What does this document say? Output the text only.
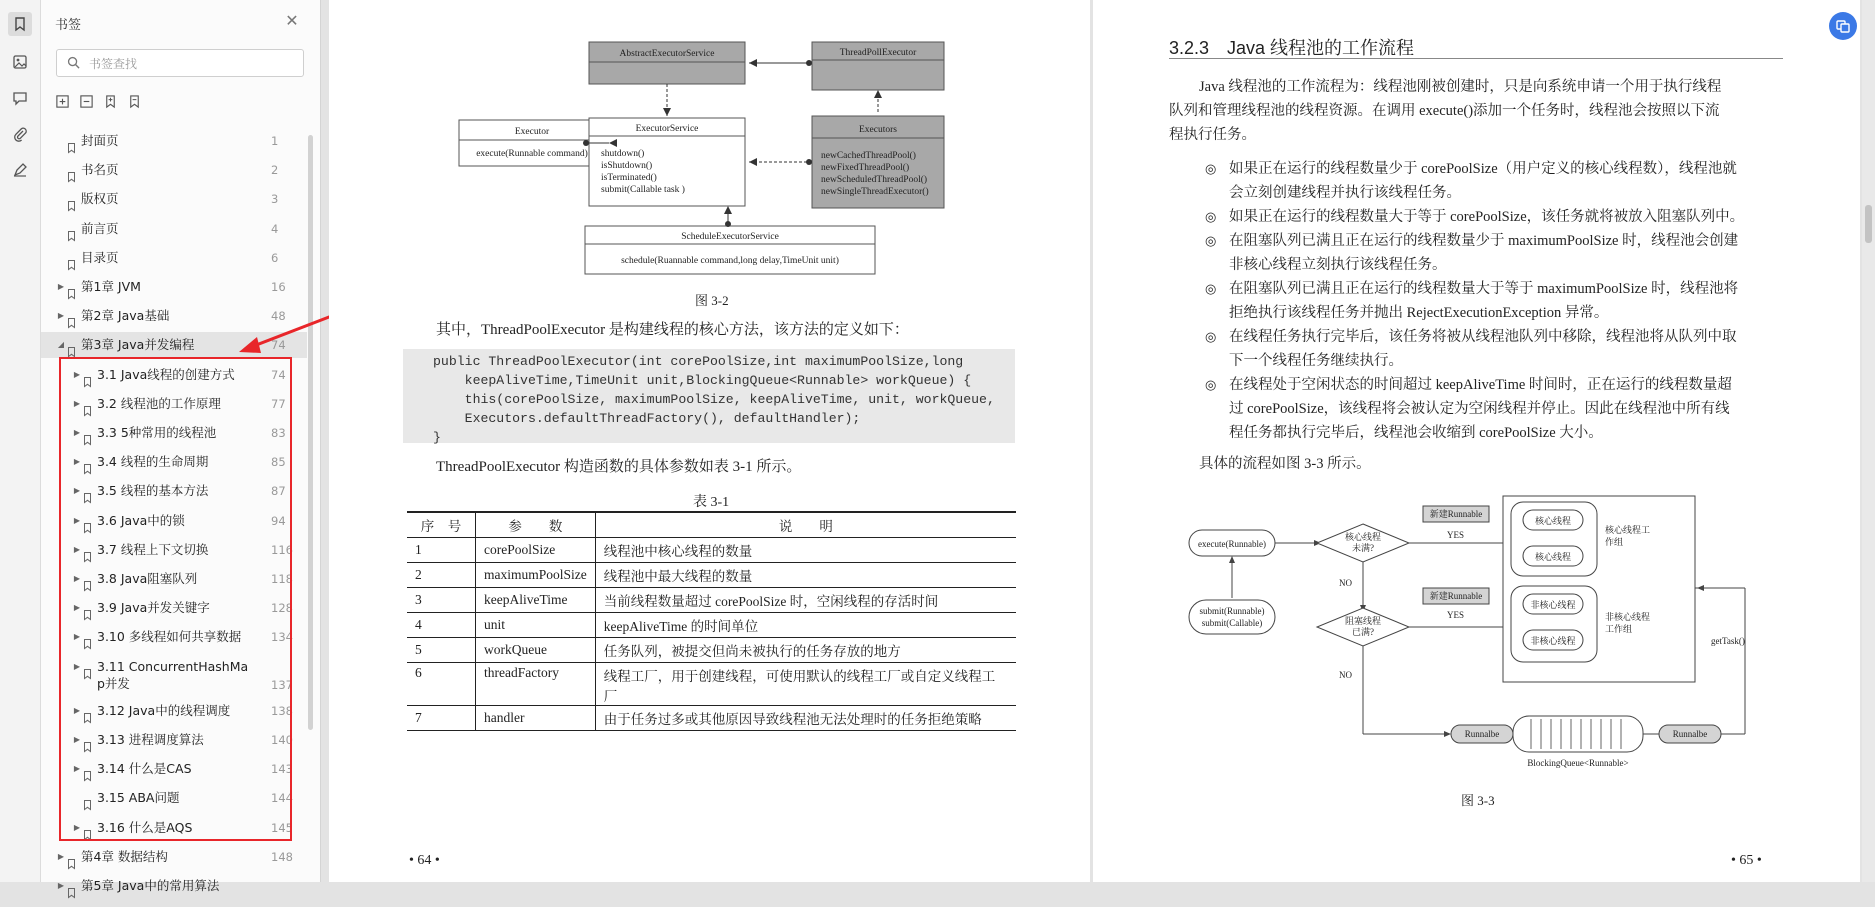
书签	✕
书签查找
封面页	1
书名页	2
版权页	3
前言页	4
目录页	6
▶ 第1章 JVM	16
▶ 第2章 Java基础	48
◢ 第3章 Java并发编程	74
▶ 3.1 Java线程的创建方式	74
▶ 3.2 线程池的工作原理	77
▶ 3.3 5种常用的线程池	83
▶ 3.4 线程的生命周期	85
▶ 3.5 线程的基本方法	87
▶ 3.6 Java中的锁	94
▶ 3.7 线程上下文切换	116
▶ 3.8 Java阻塞队列	118
▶ 3.9 Java并发关键字	128
▶ 3.10 多线程如何共享数据	134
▶ 3.11 ConcurrentHashMa
p并发	137
▶ 3.12 Java中的线程调度	138
▶ 3.13 进程调度算法	140
▶ 3.14 什么是CAS	143
3.15 ABA问题	144
▶ 3.16 什么是AQS	145
▶ 第4章 数据结构	148
▶ 第5章 Java中的常用算法
AbstractExecutorService	ThreadPollExecutor
Executor
execute(Runnable command)
ExecutorService
shutdown()
isShutdown()
isTerminated()
submit(Callable task )
Executors
newCachedThreadPool()
newFixedThreadPool()
newScheduledThreadPool()
newSingleThreadExecutor()
ScheduleExecutorService
schedule(Ruannable command,long delay,TimeUnit unit)
图 3-2
其中，ThreadPoolExecutor 是构建线程的核心方法，该方法的定义如下：
public ThreadPoolExecutor(int corePoolSize,int maximumPoolSize,long
keepAliveTime,TimeUnit unit,BlockingQueue<Runnable> workQueue) {
this(corePoolSize, maximumPoolSize, keepAliveTime, unit, workQueue,
Executors.defaultThreadFactory(), defaultHandler);
}
ThreadPoolExecutor 构造函数的具体参数如表 3-1 所示。
表 3-1
序　号	参　　数	说　　明
1	corePoolSize	线程池中核心线程的数量
2	maximumPoolSize	线程池中最大线程的数量
3	keepAliveTime	当前线程数量超过 corePoolSize 时，空闲线程的存活时间
4	unit	keepAliveTime 的时间单位
5	workQueue	任务队列，被提交但尚未被执行的任务存放的地方
6	threadFactory	线程工厂，用于创建线程，可使用默认的线程工厂或自定义线程工厂
7	handler	由于任务过多或其他原因导致线程池无法处理时的任务拒绝策略
• 64 •
3.2.3　Java 线程池的工作流程
Java 线程池的工作流程为：线程池刚被创建时，只是向系统申请一个用于执行线程
队列和管理线程池的线程资源。在调用 execute()添加一个任务时，线程池会按照以下流
程执行任务。
◎ 如果正在运行的线程数量少于 corePoolSize（用户定义的核心线程数），线程池就
会立刻创建线程并执行该线程任务。
◎ 如果正在运行的线程数量大于等于 corePoolSize，该任务就将被放入阻塞队列中。
◎ 在阻塞队列已满且正在运行的线程数量少于 maximumPoolSize 时，线程池会创建
非核心线程立刻执行该线程任务。
◎ 在阻塞队列已满且正在运行的线程数量大于等于 maximumPoolSize 时，线程池将
拒绝执行该线程任务并抛出 RejectExecutionException 异常。
◎ 在线程任务执行完毕后，该任务将被从线程池队列中移除，线程池将从队列中取
下一个线程任务继续执行。
◎ 在线程处于空闲状态的时间超过 keepAliveTime 时间时，正在运行的线程数量超
过 corePoolSize，该线程将会被认定为空闲线程并停止。因此在线程池中所有线
程任务都执行完毕后，线程池会收缩到 corePoolSize 大小。
具体的流程如图 3-3 所示。
execute(Runnable)
submit(Runnable)
submit(Callable)
核心线程
未满?
YES
NO
阻塞线程
已满?
YES
NO
新建Runnable
新建Runnable
核心线程
核心线程
核心线程工
作组
非核心线程
非核心线程
非核心线程
工作组
getTask()
Runnalbe	Runnalbe
BlockingQueue<Runnable>
图 3-3
• 65 •
